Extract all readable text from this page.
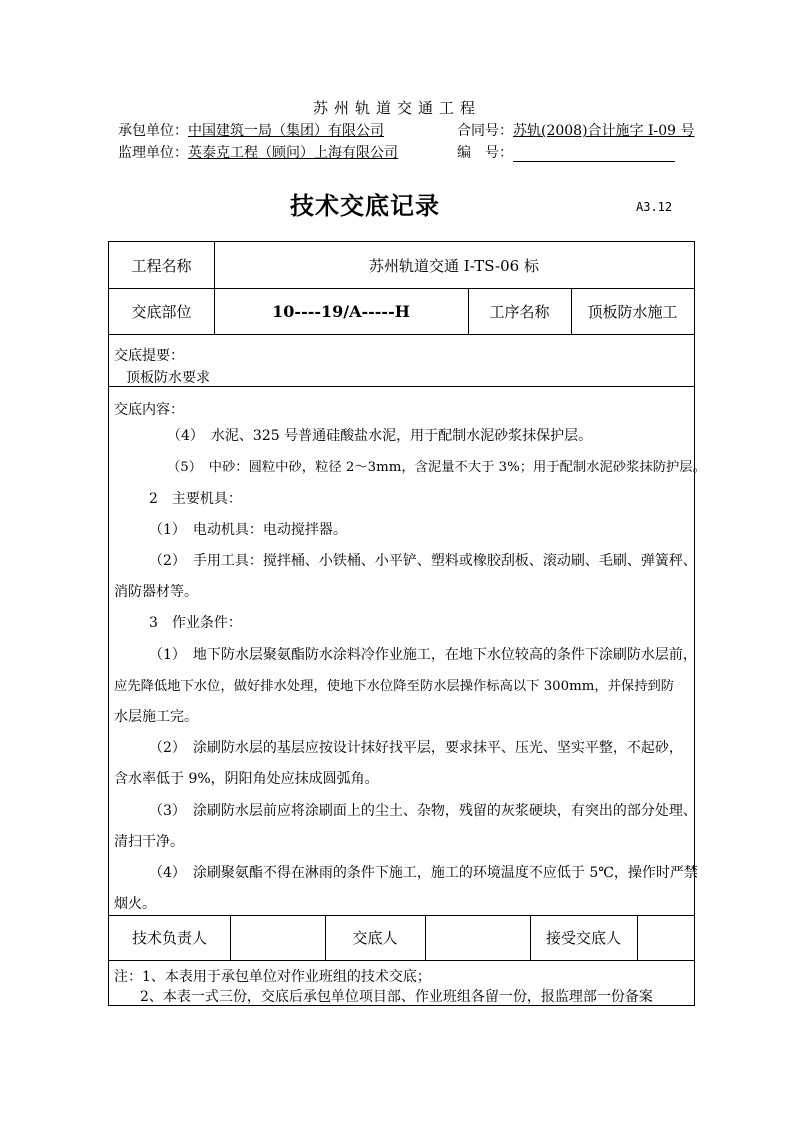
苏州轨道交通工程
承包单位：中国建筑一局（集团）有限公司	合同号：苏轨(2008)合计施字 I-09 号
监理单位：英泰克工程（顾问）上海有限公司	编　号：
技术交底记录	A3.12
工程名称	苏州轨道交通 I-TS-06 标
交底部位	10----19/A-----H	工序名称	顶板防水施工
交底提要：
顶板防水要求
交底内容：
（4）　水泥、325 号普通硅酸盐水泥，用于配制水泥砂浆抹保护层。
（5）　中砂：圆粒中砂，粒径 2～3mm，含泥量不大于 3%；用于配制水泥砂浆抹防护层。
2　主要机具：
（1）　电动机具：电动搅拌器。
（2）　手用工具：搅拌桶、小铁桶、小平铲、塑料或橡胶刮板、滚动刷、毛刷、弹簧秤、
消防器材等。
3　作业条件：
（1）　地下防水层聚氨酯防水涂料冷作业施工，在地下水位较高的条件下涂刷防水层前，
应先降低地下水位，做好排水处理，使地下水位降至防水层操作标高以下 300mm，并保持到防
水层施工完。
（2）　涂刷防水层的基层应按设计抹好找平层，要求抹平、压光、坚实平整，不起砂，
含水率低于 9%，阴阳角处应抹成圆弧角。
（3）　涂刷防水层前应将涂刷面上的尘土、杂物，残留的灰浆硬块，有突出的部分处理、
清扫干净。
（4）　涂刷聚氨酯不得在淋雨的条件下施工，施工的环境温度不应低于 5℃，操作时严禁
烟火。
技术负责人	交底人	接受交底人
注：1、本表用于承包单位对作业班组的技术交底；
2、本表一式三份，交底后承包单位项目部、作业班组各留一份，报监理部一份备案
